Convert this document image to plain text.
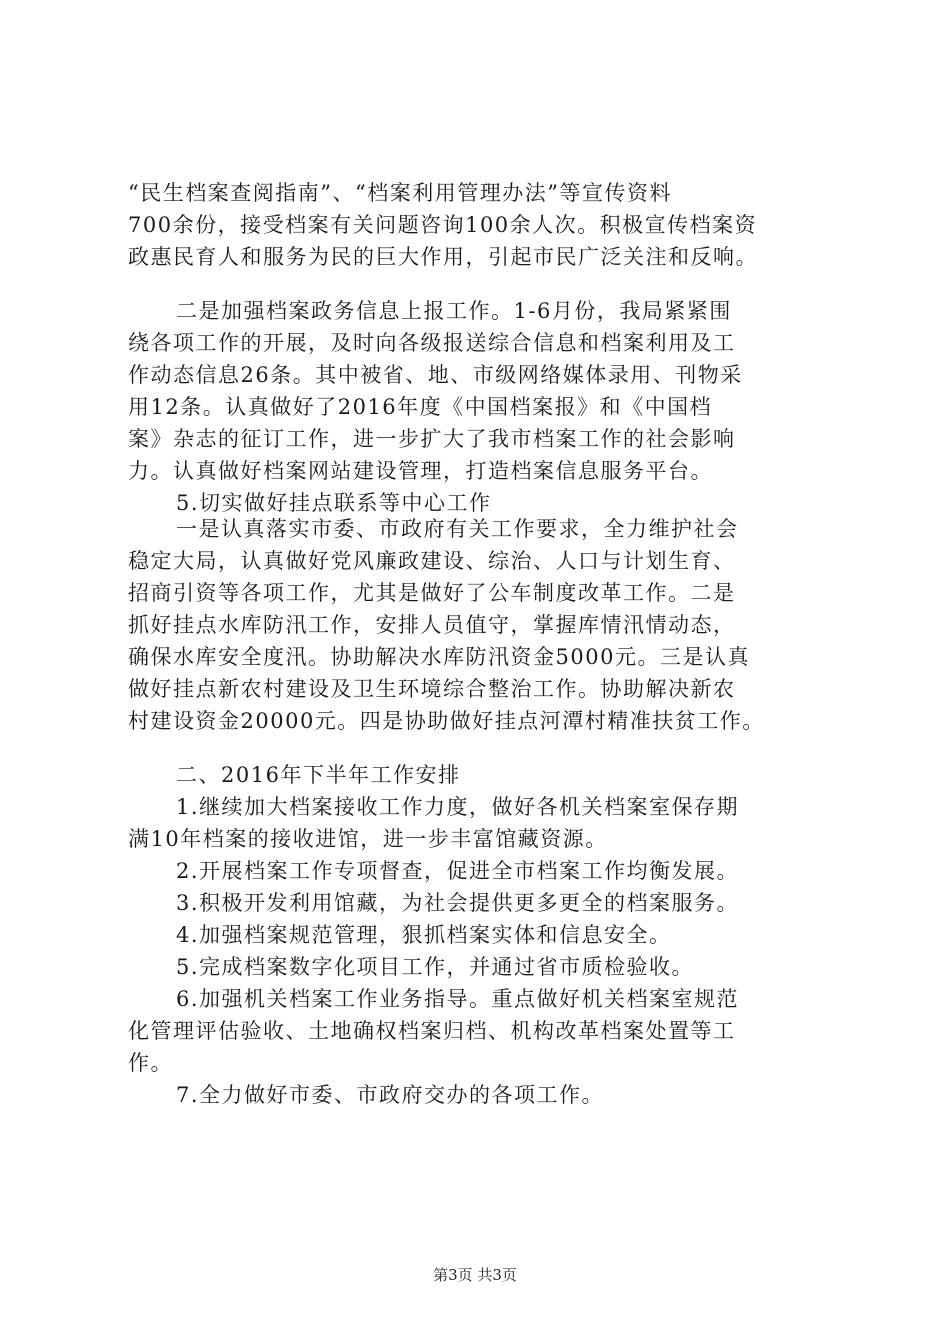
“民生档案查阅指南”、“档案利用管理办法”等宣传资料
700余份，接受档案有关问题咨询100余人次。积极宣传档案资
政惠民育人和服务为民的巨大作用，引起市民广泛关注和反响。
二是加强档案政务信息上报工作。1-6月份，我局紧紧围
绕各项工作的开展，及时向各级报送综合信息和档案利用及工
作动态信息26条。其中被省、地、市级网络媒体录用、刊物采
用12条。认真做好了2016年度《中国档案报》和《中国档
案》杂志的征订工作，进一步扩大了我市档案工作的社会影响
力。认真做好档案网站建设管理，打造档案信息服务平台。
5.切实做好挂点联系等中心工作
一是认真落实市委、市政府有关工作要求，全力维护社会
稳定大局，认真做好党风廉政建设、综治、人口与计划生育、
招商引资等各项工作，尤其是做好了公车制度改革工作。二是
抓好挂点水库防汛工作，安排人员值守，掌握库情汛情动态，
确保水库安全度汛。协助解决水库防汛资金5000元。三是认真
做好挂点新农村建设及卫生环境综合整治工作。协助解决新农
村建设资金20000元。四是协助做好挂点河潭村精准扶贫工作。
二、2016年下半年工作安排
1.继续加大档案接收工作力度，做好各机关档案室保存期
满10年档案的接收进馆，进一步丰富馆藏资源。
2.开展档案工作专项督查，促进全市档案工作均衡发展。
3.积极开发利用馆藏，为社会提供更多更全的档案服务。
4.加强档案规范管理，狠抓档案实体和信息安全。
5.完成档案数字化项目工作，并通过省市质检验收。
6.加强机关档案工作业务指导。重点做好机关档案室规范
化管理评估验收、土地确权档案归档、机构改革档案处置等工
作。
7.全力做好市委、市政府交办的各项工作。
第3页 共3页
